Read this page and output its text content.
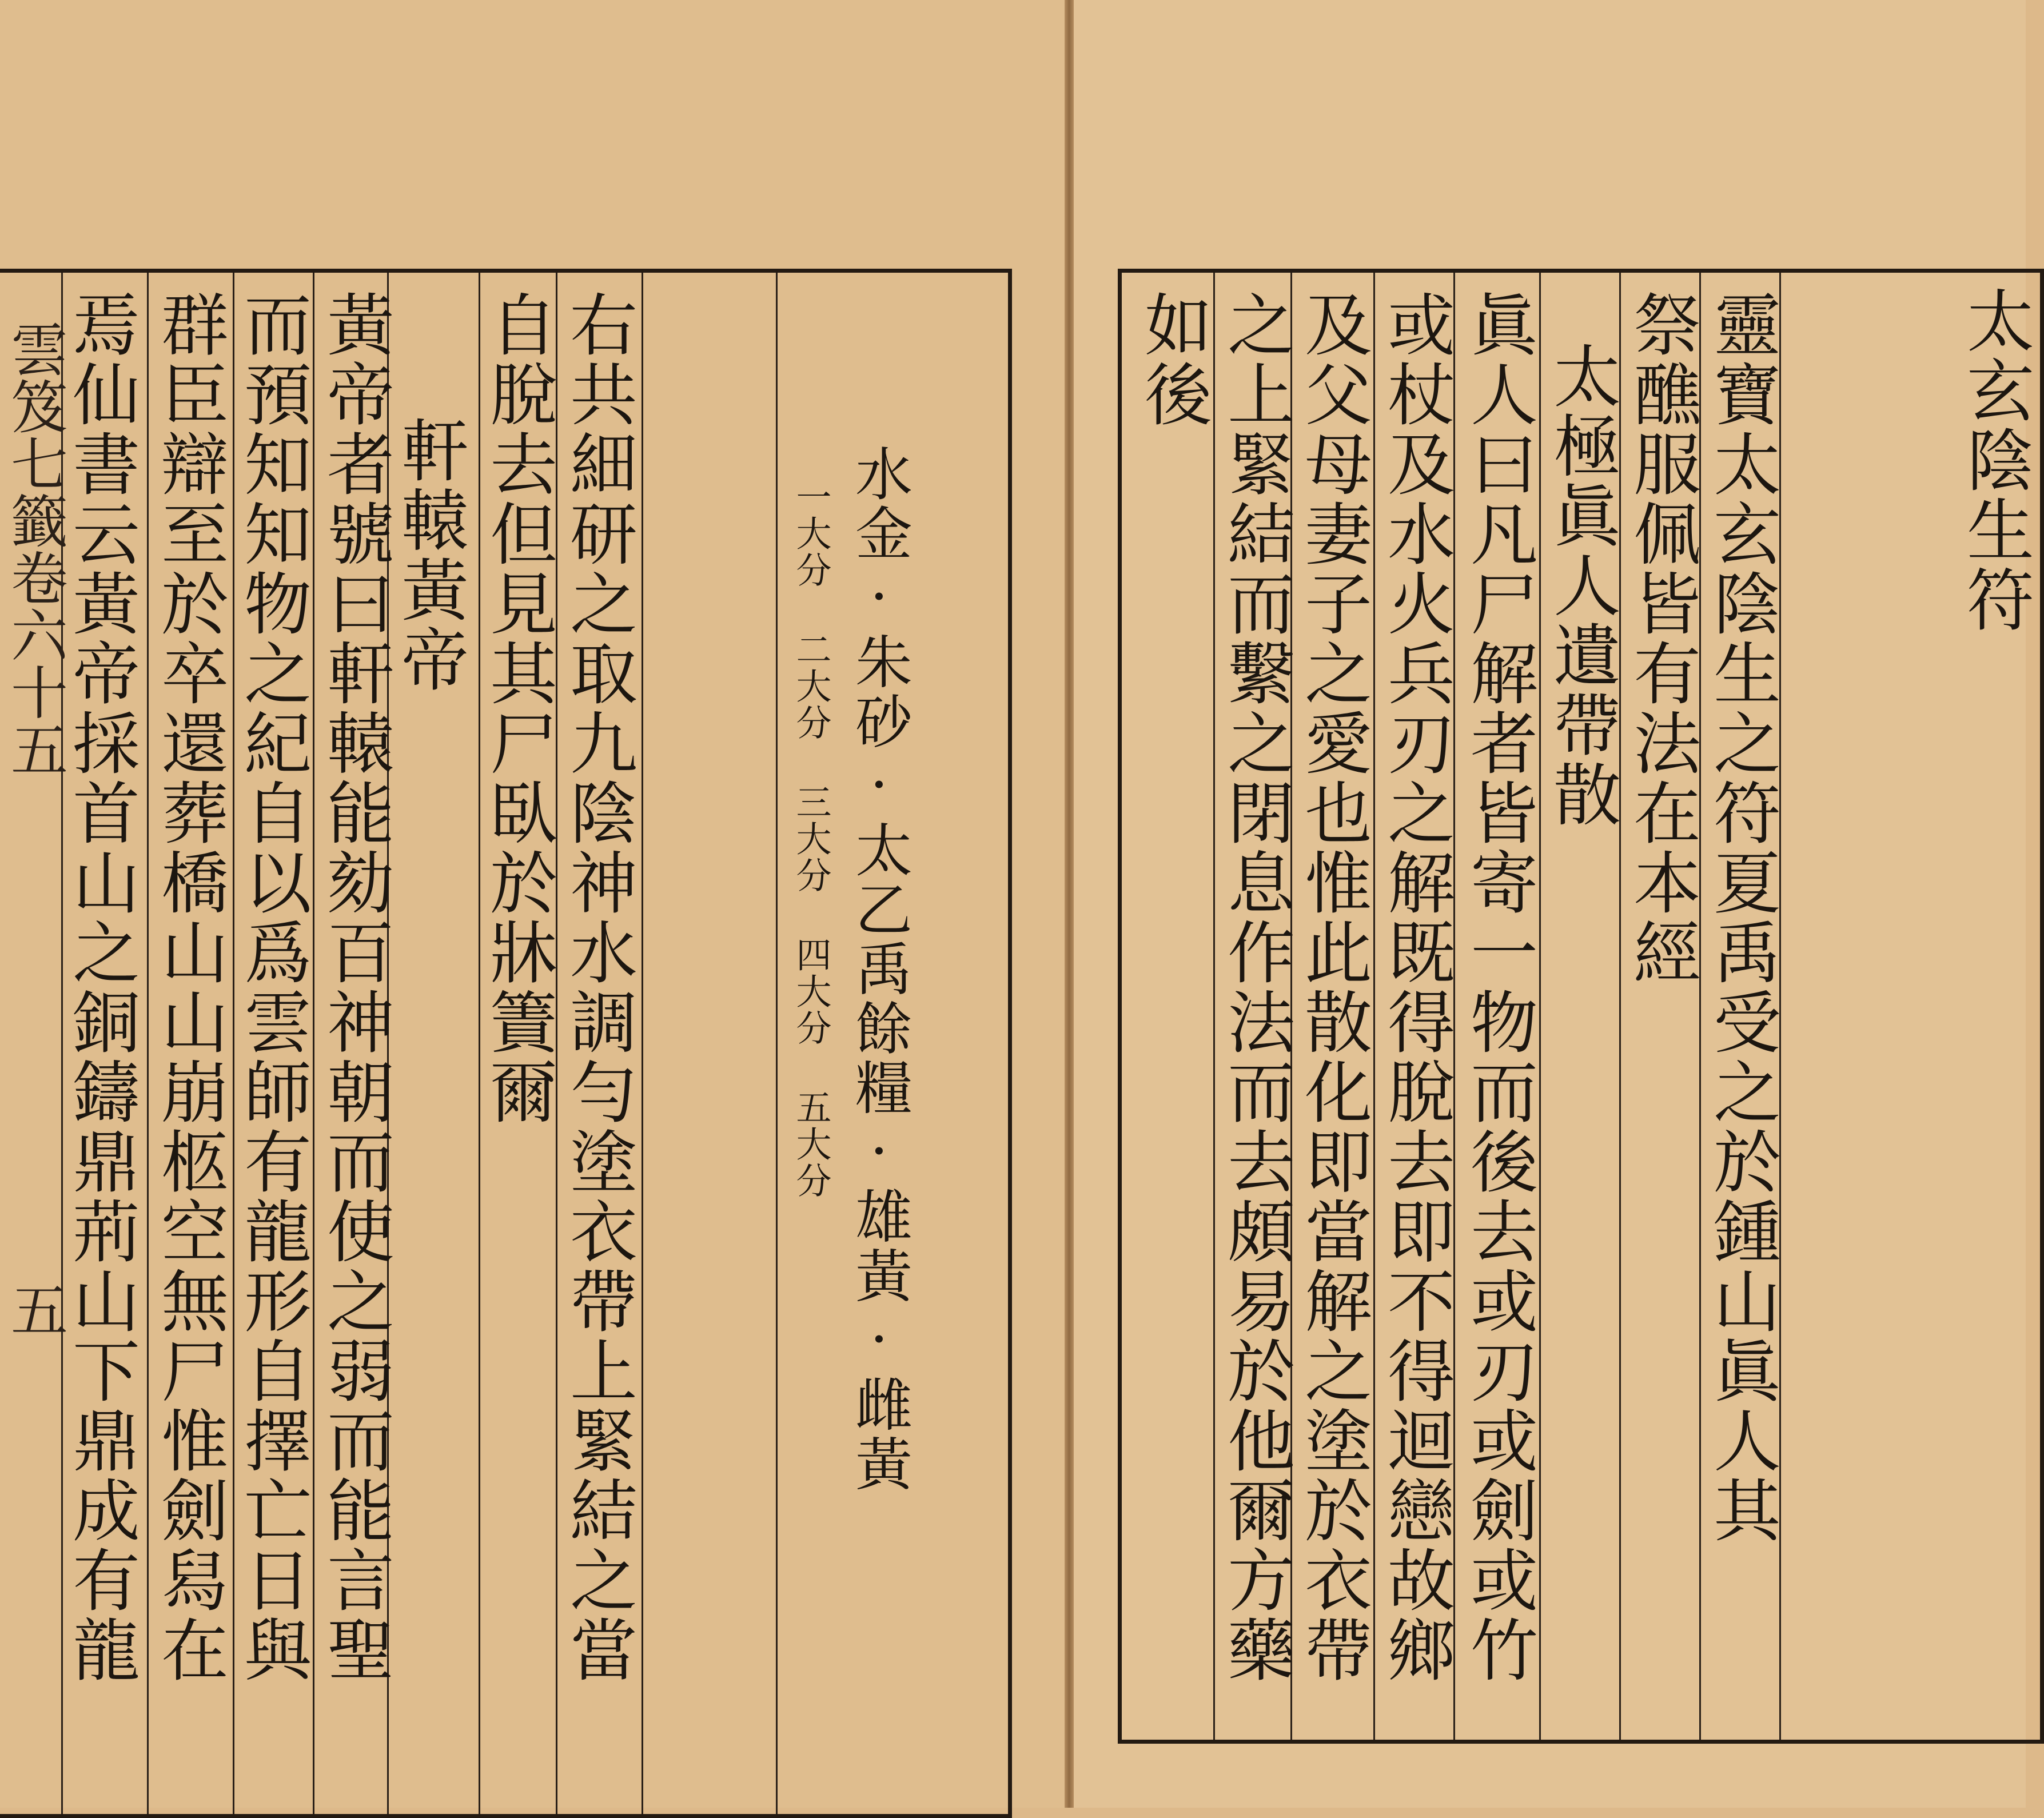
雲笈七籤卷六十五
五
焉仙書云黃帝採首山之銅鑄鼎荊山下鼎成有龍 群臣辯至於卒還葬橋山山崩柩空無尸惟劍舄在 而預知知物之紀自以爲雲師有龍形自擇亡日與 黃帝者號曰軒轅能劾百神朝而使之弱而能言聖
軒轅黃帝 自脫去但見其尸臥於牀簀爾 右共細研之取九陰神水調勻塗衣帶上緊結之當	水金·朱砂·太乙禹餘糧·雄黃·雌黃
一大分 二大分 三大分 四大分 五大分
如後 之上緊結而繫之閉息作法而去頗易於他爾方藥
及父母妻子之愛也惟此散化即當解之塗於衣帶 或杖及水火兵刃之解既得脫去即不得迴戀故鄉 眞人曰凡尸解者皆寄一物而後去或刃或劍或竹 太極眞人遺帶散 祭醮服佩皆有法在本經 靈寶太玄陰生之符夏禹受之於鍾山眞人其	太玄陰生符
